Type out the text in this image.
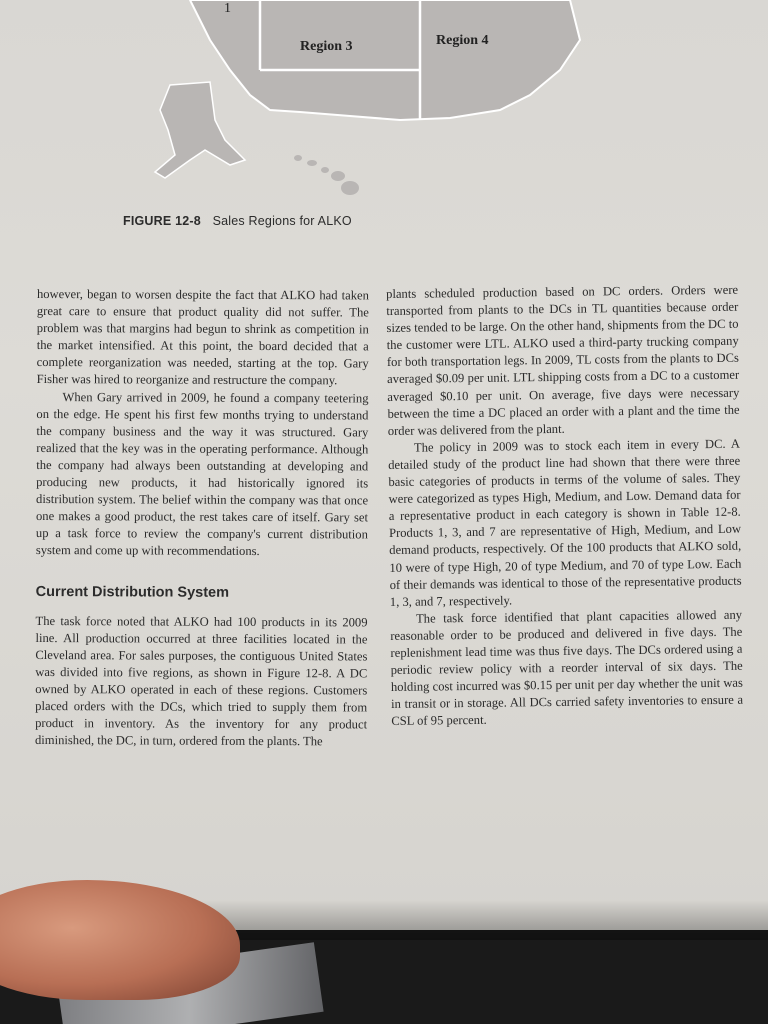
1
Region 3	Region 4
FIGURE 12-8 Sales Regions for ALKO

however, began to worsen despite the fact that ALKO had taken great care to ensure that product quality did not suffer. The problem was that margins had begun to shrink as competition in the market intensified. At this point, the board decided that a complete reorganization was needed, starting at the top. Gary Fisher was hired to reorganize and restructure the company.

When Gary arrived in 2009, he found a company teetering on the edge. He spent his first few months trying to understand the company business and the way it was structured. Gary realized that the key was in the operating performance. Although the company had always been outstanding at developing and producing new products, it had historically ignored its distribution system. The belief within the company was that once one makes a good product, the rest takes care of itself. Gary set up a task force to review the company's current distribution system and come up with recommendations.

Current Distribution System

The task force noted that ALKO had 100 products in its 2009 line. All production occurred at three facilities located in the Cleveland area. For sales purposes, the contiguous United States was divided into five regions, as shown in Figure 12-8. A DC owned by ALKO operated in each of these regions. Customers placed orders with the DCs, which tried to supply them from product in inventory. As the inventory for any product diminished, the DC, in turn, ordered from the plants. The

plants scheduled production based on DC orders. Orders were transported from plants to the DCs in TL quantities because order sizes tended to be large. On the other hand, shipments from the DC to the customer were LTL. ALKO used a third-party trucking company for both transportation legs. In 2009, TL costs from the plants to DCs averaged $0.09 per unit. LTL shipping costs from a DC to a customer averaged $0.10 per unit. On average, five days were necessary between the time a DC placed an order with a plant and the time the order was delivered from the plant.

The policy in 2009 was to stock each item in every DC. A detailed study of the product line had shown that there were three basic categories of products in terms of the volume of sales. They were categorized as types High, Medium, and Low. Demand data for a representative product in each category is shown in Table 12-8. Products 1, 3, and 7 are representative of High, Medium, and Low demand products, respectively. Of the 100 products that ALKO sold, 10 were of type High, 20 of type Medium, and 70 of type Low. Each of their demands was identical to those of the representative products 1, 3, and 7, respectively.

The task force identified that plant capacities allowed any reasonable order to be produced and delivered in five days. The replenishment lead time was thus five days. The DCs ordered using a periodic review policy with a reorder interval of six days. The holding cost incurred was $0.15 per unit per day whether the unit was in transit or in storage. All DCs carried safety inventories to ensure a CSL of 95 percent.
